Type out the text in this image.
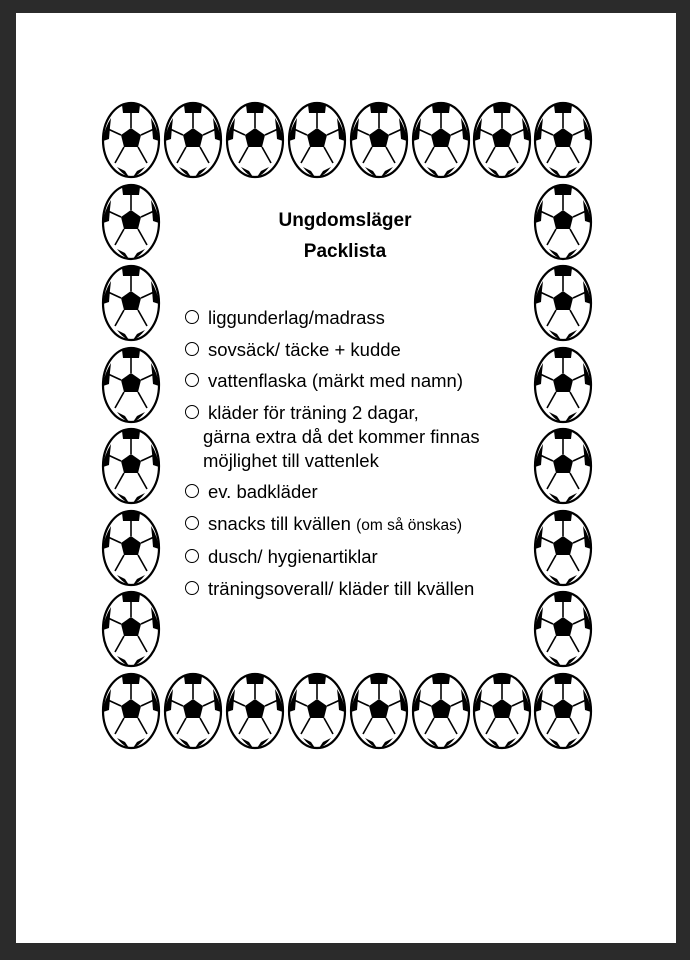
Ungdomsläger
Packlista
liggunderlag/madrass
sovsäck/ täcke + kudde
vattenflaska (märkt med namn)
kläder för träning 2 dagar,
gärna extra då det kommer finnas
möjlighet till vattenlek
ev. badkläder
snacks till kvällen (om så önskas)
dusch/ hygienartiklar
träningsoverall/ kläder till kvällen
